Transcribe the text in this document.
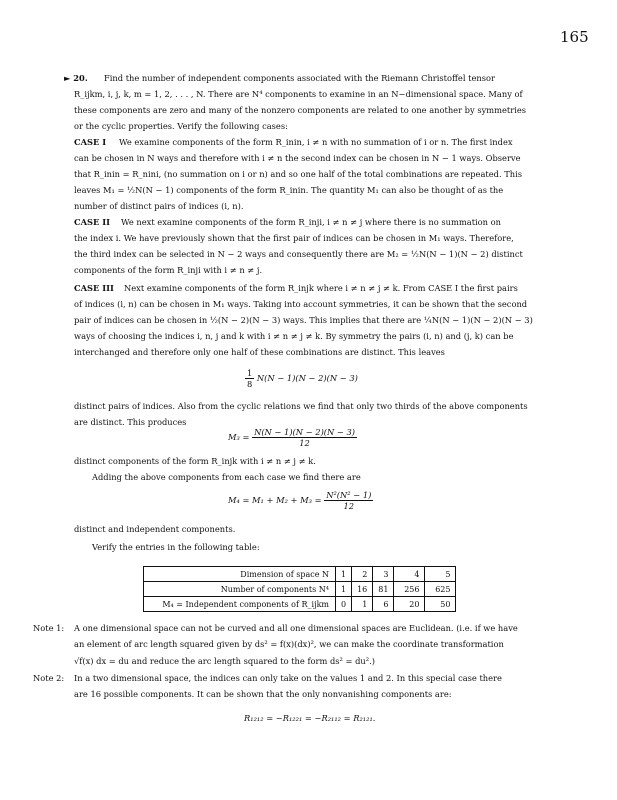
165
► 20. Find the number of independent components associated with the Riemann Christoffel tensor
R_ijkm, i, j, k, m = 1, 2, . . . , N. There are N⁴ components to examine in an N−dimensional space. Many of
these components are zero and many of the nonzero components are related to one another by symmetries
or the cyclic properties. Verify the following cases:
CASE I We examine components of the form R_inin, i ≠ n with no summation of i or n. The first index
can be chosen in N ways and therefore with i ≠ n the second index can be chosen in N − 1 ways. Observe
that R_inin = R_nini, (no summation on i or n) and so one half of the total combinations are repeated. This
leaves M₁ = ½N(N − 1) components of the form R_inin. The quantity M₁ can also be thought of as the
number of distinct pairs of indices (i, n).
CASE II We next examine components of the form R_inji, i ≠ n ≠ j where there is no summation on
the index i. We have previously shown that the first pair of indices can be chosen in M₁ ways. Therefore,
the third index can be selected in N − 2 ways and consequently there are M₂ = ½N(N − 1)(N − 2) distinct
components of the form R_inji with i ≠ n ≠ j.
CASE III Next examine components of the form R_injk where i ≠ n ≠ j ≠ k. From CASE I the first pairs
of indices (i, n) can be chosen in M₁ ways. Taking into account symmetries, it can be shown that the second
pair of indices can be chosen in ½(N − 2)(N − 3) ways. This implies that there are ¼N(N − 1)(N − 2)(N − 3)
ways of choosing the indices i, n, j and k with i ≠ n ≠ j ≠ k. By symmetry the pairs (i, n) and (j, k) can be
interchanged and therefore only one half of these combinations are distinct. This leaves
$\frac{1}{8} N(N - 1)(N - 2)(N - 3)$
distinct pairs of indices. Also from the cyclic relations we find that only two thirds of the above components
are distinct. This produces
$M_3 = \frac{N(N - 1)(N - 2)(N - 3)}{12}$
distinct components of the form R_injk with i ≠ n ≠ j ≠ k.
Adding the above components from each case we find there are
$M_4 = M_1 + M_2 + M_3 = \frac{\text{N²(N² − 1)}}{12}$
distinct and independent components.
Verify the entries in the following table:
Dimension of space N	1	2	3	4	5
Number of components N⁴	1	16	81	256	625
M₄ = Independent components of R_ijkm	0	1	6	20	50
Note 1: A one dimensional space can not be curved and all one dimensional spaces are Euclidean. (i.e. if we have
an element of arc length squared given by ds² = f(x)(dx)², we can make the coordinate transformation
√f(x) dx = du and reduce the arc length squared to the form ds² = du².)
Note 2: In a two dimensional space, the indices can only take on the values 1 and 2. In this special case there
are 16 possible components. It can be shown that the only nonvanishing components are:
R₁₂₁₂ = −R₁₂₂₁ = −R₂₁₁₂ = R₂₁₂₁.
